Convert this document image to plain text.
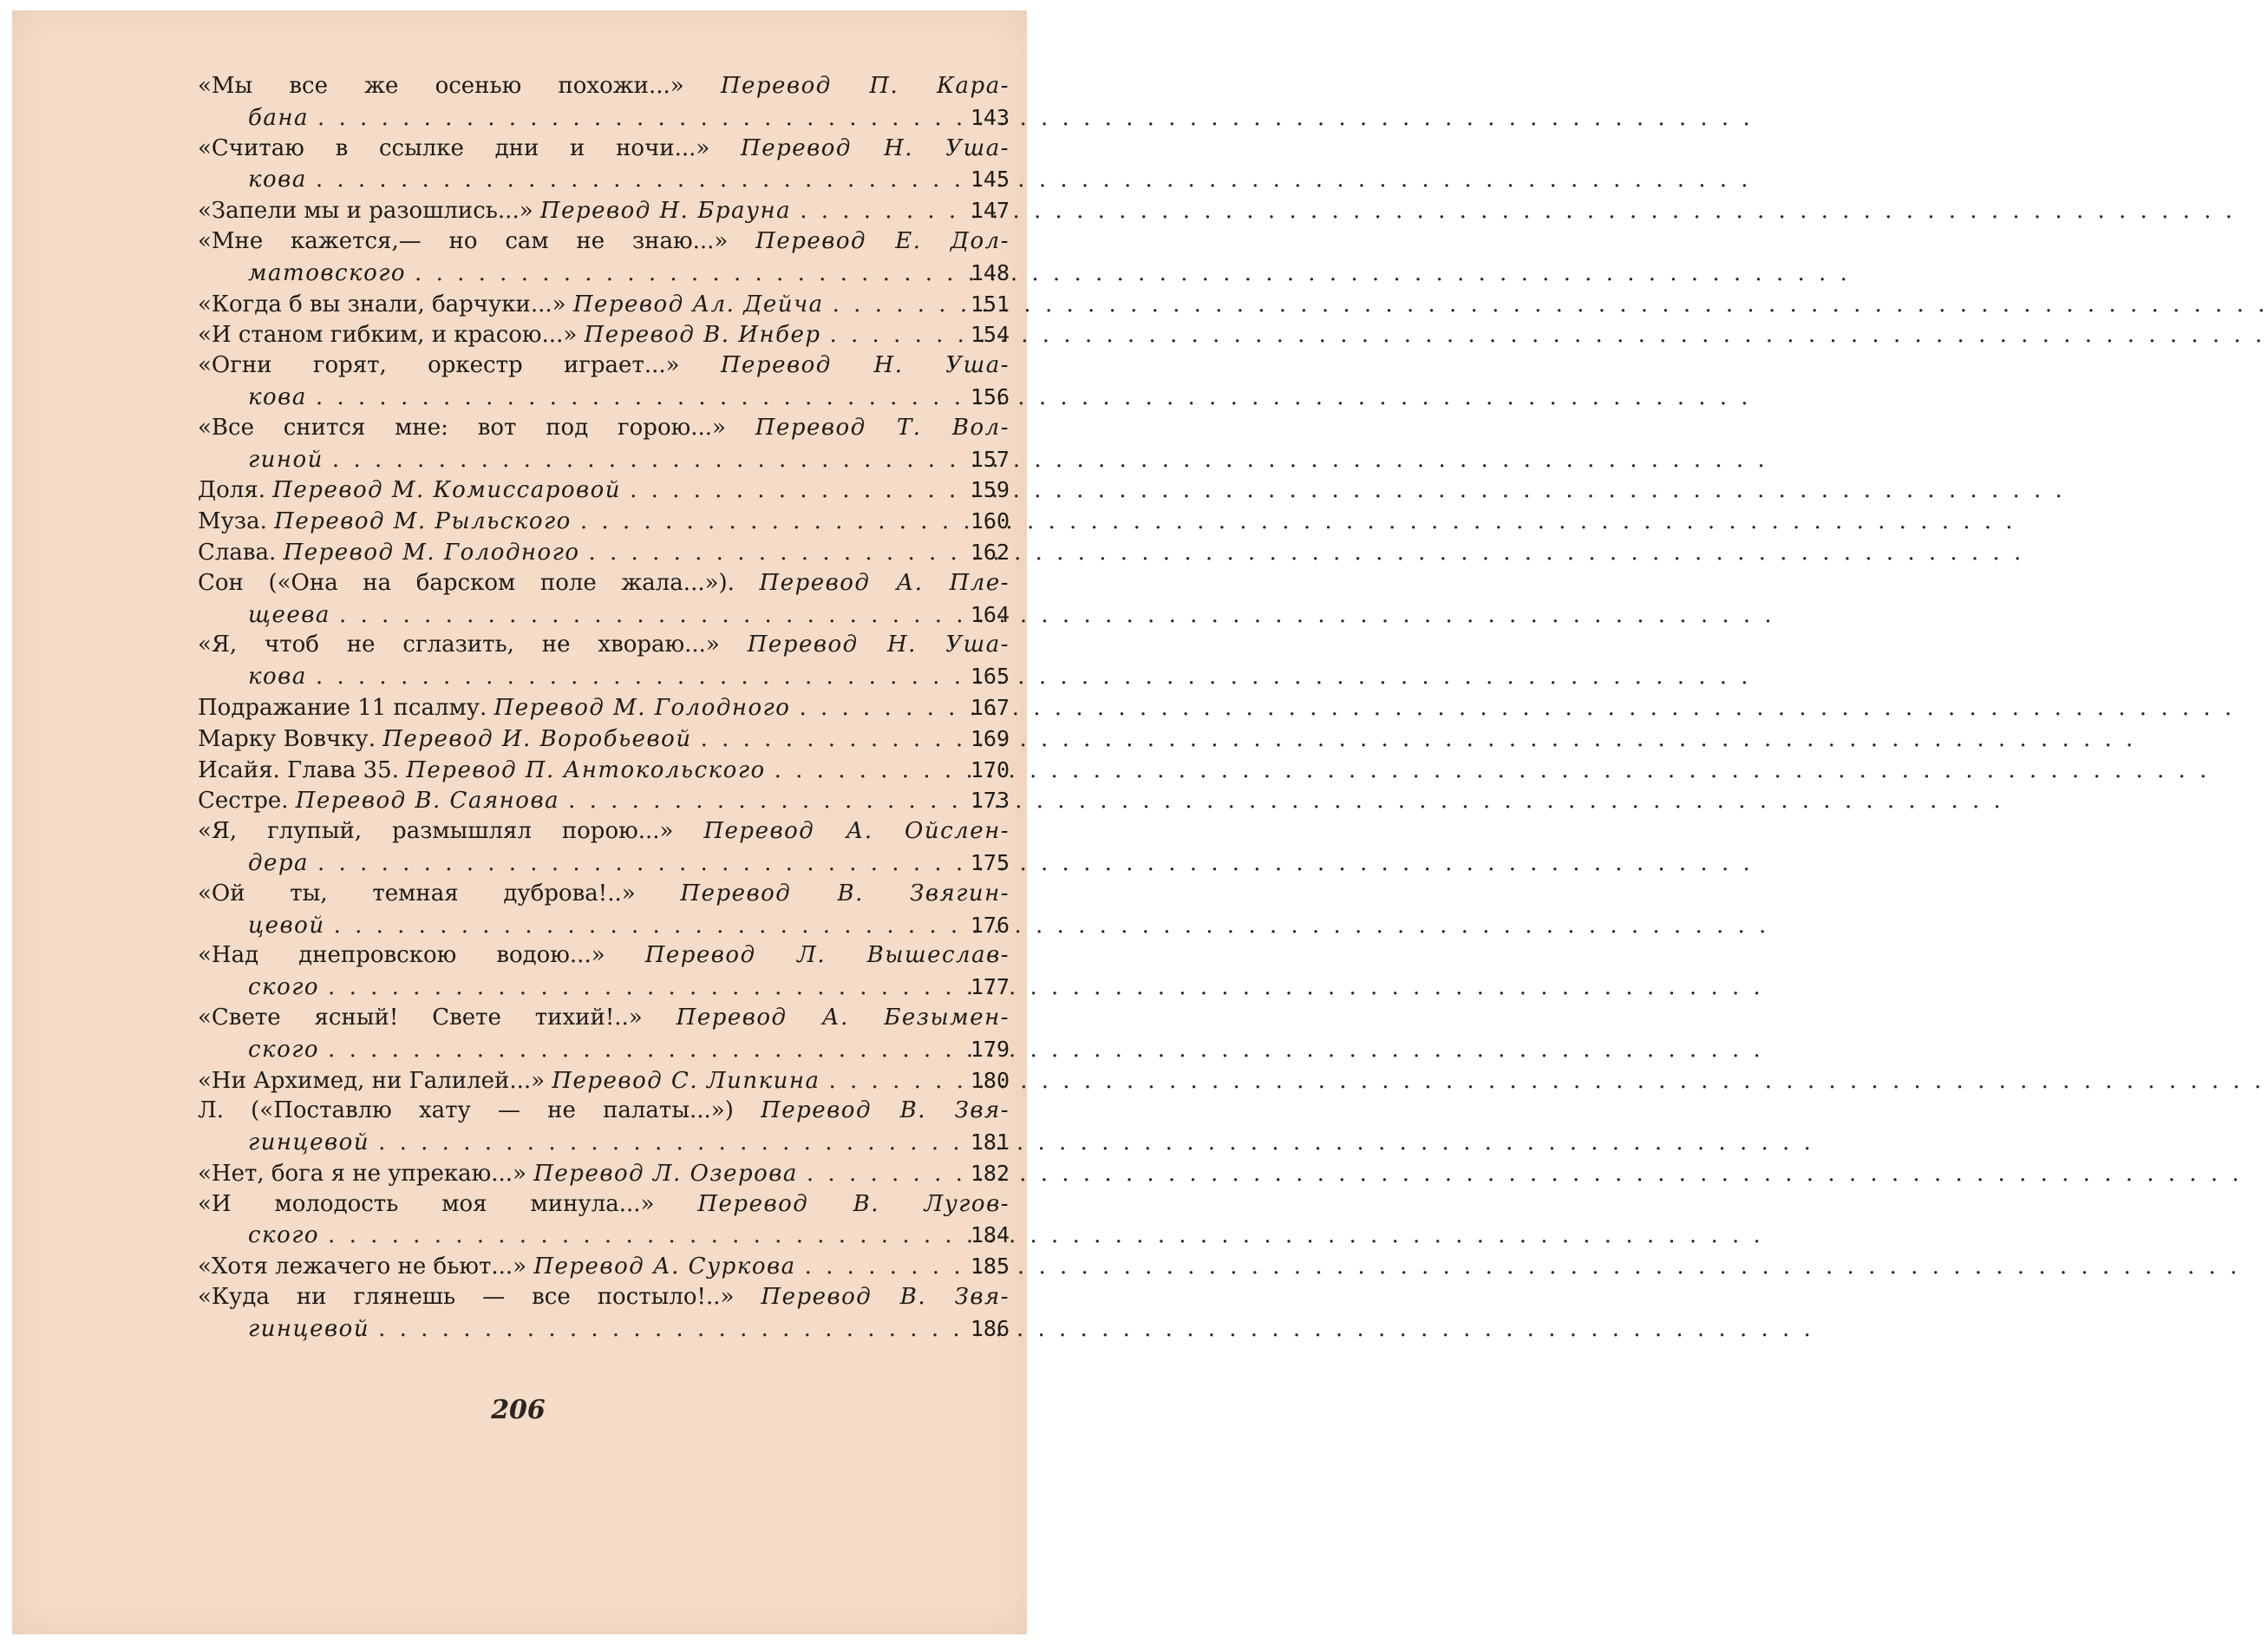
«Мы все же осенью похожи...» Перевод П. Кара-
бана . . .	143
«Считаю в ссылке дни и ночи...» Перевод Н. Уша-
кова . . .	145
«Запели мы и разошлись...» Перевод Н. Брауна . . .	147
«Мне кажется,— но сам не знаю...» Перевод Е. Дол-
матовского . . .	148
«Когда б вы знали, барчуки...» Перевод Ал. Дейча . . .	151
«И станом гибким, и красою...» Перевод В. Инбер . . .	154
«Огни горят, оркестр играет...» Перевод Н. Уша-
кова . . .	156
«Все снится мне: вот под горою...» Перевод Т. Вол-
гиной . . .	157
Доля. Перевод М. Комиссаровой . . .	159
Муза. Перевод М. Рыльского . . .	160
Слава. Перевод М. Голодного . . .	162
Сон («Она на барском поле жала...»). Перевод А. Пле-
щеева . . .	164
«Я, чтоб не сглазить, не хвораю...» Перевод Н. Уша-
кова . . .	165
Подражание 11 псалму. Перевод М. Голодного . . .	167
Марку Вовчку. Перевод И. Воробьевой . . .	169
Исайя. Глава 35. Перевод П. Антокольского . . .	170
Сестре. Перевод В. Саянова . . .	173
«Я, глупый, размышлял порою...» Перевод А. Ойслен-
дера . . .	175
«Ой ты, темная дуброва!..» Перевод В. Звягин-
цевой . . .	176
«Над днепровскою водою...» Перевод Л. Вышеслав-
ского . . .	177
«Свете ясный! Свете тихий!..» Перевод А. Безымен-
ского . . .	179
«Ни Архимед, ни Галилей...» Перевод С. Липкина . . .	180
Л. («Поставлю хату — не палаты...») Перевод В. Звя-
гинцевой . . .	181
«Нет, бога я не упрекаю...» Перевод Л. Озерова . . .	182
«И молодость моя минула...» Перевод В. Лугов-
ского . . .	184
«Хотя лежачего не бьют...» Перевод А. Суркова . . .	185
«Куда ни глянешь — все постыло!..» Перевод В. Звя-
гинцевой . . .	186
206
